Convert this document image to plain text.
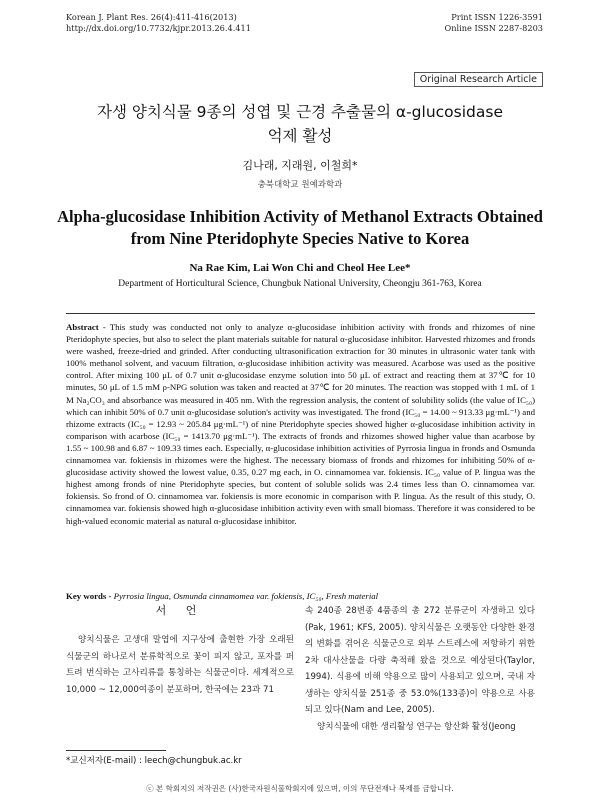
Korean J. Plant Res. 26(4):411-416(2013)
http://dx.doi.org/10.7732/kjpr.2013.26.4.411
Print ISSN 1226-3591
Online ISSN 2287-8203
Original Research Article
자생 양치식물 9종의 성엽 및 근경 추출물의 α-glucosidase
억제 활성
김나래, 지래원, 이철희*
충북대학교 원예과학과
Alpha-glucosidase Inhibition Activity of Methanol Extracts Obtained
from Nine Pteridophyte Species Native to Korea
Na Rae Kim, Lai Won Chi and Cheol Hee Lee*
Department of Horticultural Science, Chungbuk National University, Cheongju 361-763, Korea
Abstract - This study was conducted not only to analyze α-glucosidase inhibition activity with fronds and rhizomes of nine Pteridophyte species, but also to select the plant materials suitable for natural α-glucosidase inhibitor. Harvested rhizomes and fronds were washed, freeze-dried and grinded. After conducting ultrasonification extraction for 30 minutes in ultrasonic water tank with 100% methanol solvent, and vacuum filtration, α-glucosidase inhibition activity was measured. Acarbose was used as the positive control. After mixing 100 μL of 0.7 unit α-glucosidase enzyme solution into 50 μL of extract and reacting them at 37℃ for 10 minutes, 50 μL of 1.5 mM ρ-NPG solution was taken and reacted at 37℃ for 20 minutes. The reaction was stopped with 1 mL of 1 M Na₂CO₃ and absorbance was measured in 405 nm. With the regression analysis, the content of solubility solids (the value of IC₅₀) which can inhibit 50% of 0.7 unit α-glucosidase solution's activity was investigated. The frond (IC₅₀ = 14.00 ~ 913.33 μg·mL⁻¹) and rhizome extracts (IC₅₀ = 12.93 ~ 205.84 μg·mL⁻¹) of nine Pteridophyte species showed higher α-glucosidase inhibition activity in comparison with acarbose (IC₅₀ = 1413.70 μg·mL⁻¹). The extracts of fronds and rhizomes showed higher value than acarbose by 1.55 ~ 100.98 and 6.87 ~ 109.33 times each. Especially, α-glucosidase inhibition activities of Pyrrosia lingua in fronds and Osmunda cinnamomea var. fokiensis in rhizomes were the highest. The necessary biomass of fronds and rhizomes for inhibiting 50% of α-glucosidase activity showed the lowest value, 0.35, 0.27 mg each, in O. cinnamomea var. fokiensis. IC₅₀ value of P. lingua was the highest among fronds of nine Pteridophyte species, but content of soluble solids was 2.4 times less than O. cinnamomea var. fokiensis. So frond of O. cinnamomea var. fokiensis is more economic in comparison with P. lingua. As the result of this study, O. cinnamomea var. fokiensis showed high α-glucosidase inhibition activity even with small biomass. Therefore it was considered to be high-valued economic material as natural α-glucosidase inhibitor.
Key words - Pyrrosia lingua, Osmunda cinnamomea var. fokiensis, IC₅₀, Fresh material
서 언
양치식물은 고생대 말엽에 지구상에 출현한 가장 오래된 식물군의 하나로서 분류학적으로 꽃이 피지 않고, 포자를 퍼트려 번식하는 고사리류를 통칭하는 식물군이다. 세계적으로 10,000 ~ 12,000여종이 분포하며, 한국에는 23과 71
속 240종 28변종 4품종의 총 272 분류군이 자생하고 있다(Pak, 1961; KFS, 2005). 양치식물은 오랫동안 다양한 환경의 변화를 겪어온 식물군으로 외부 스트레스에 저항하기 위한 2차 대사산물을 다량 축적해 왔을 것으로 예상된다(Taylor, 1994). 식용에 비해 약용으로 많이 사용되고 있으며, 국내 자생하는 양치식물 251종 중 53.0%(133종)이 약용으로 사용되고 있다(Nam and Lee, 2005).
양치식물에 대한 생리활성 연구는 항산화 활성(Jeong
*교신저자(E-mail) : leech@chungbuk.ac.kr
ⓒ 본 학회지의 저작권은 (사)한국자원식물학회지에 있으며, 이의 무단전재나 복제를 금합니다.
